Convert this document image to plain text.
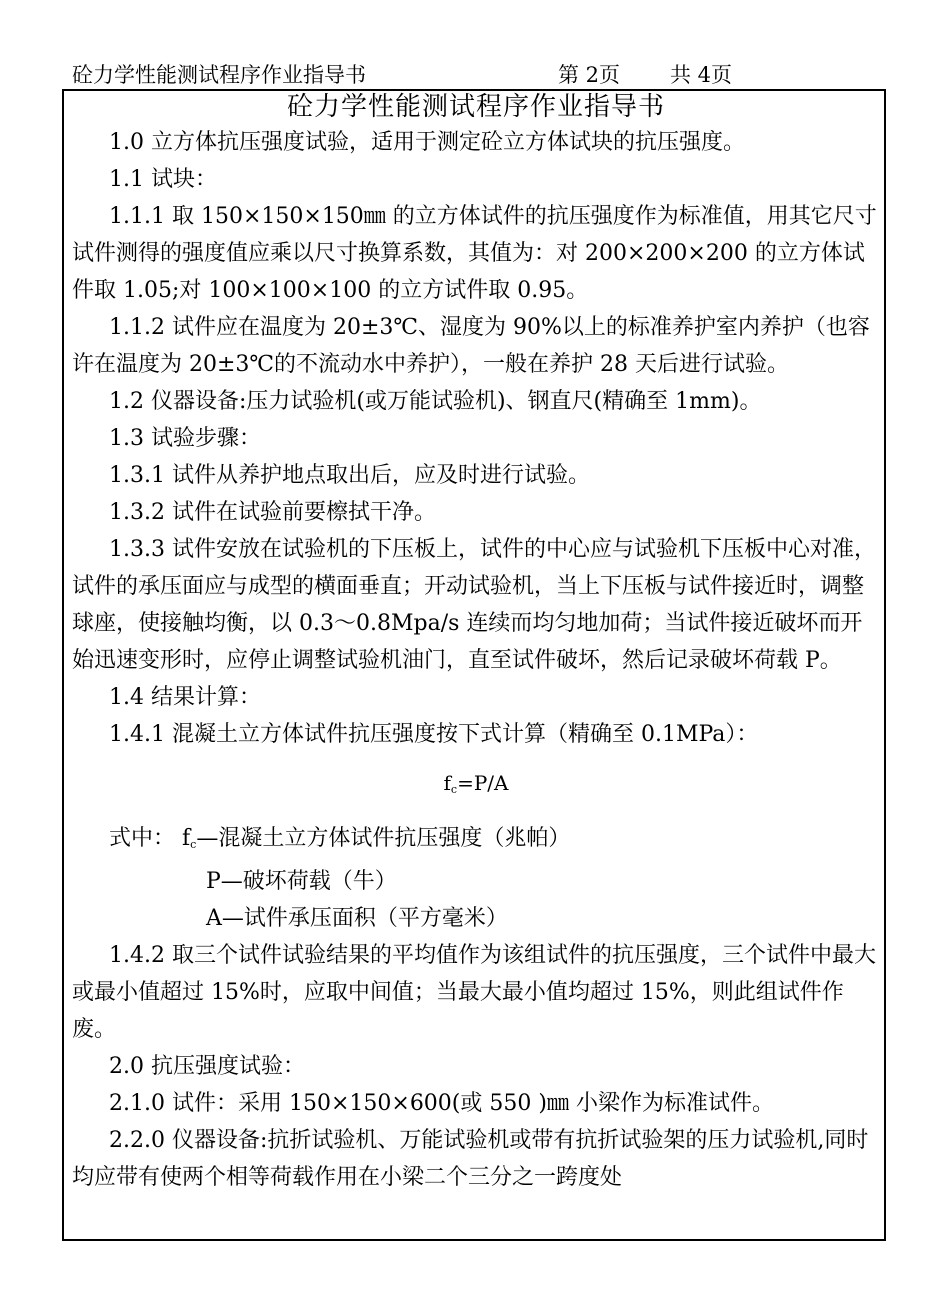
砼力学性能测试程序作业指导书	第 2页 共 4页
砼力学性能测试程序作业指导书

1.0 立方体抗压强度试验，适用于测定砼立方体试块的抗压强度。

1.1 试块：

1.1.1 取 150×150×150㎜ 的立方体试件的抗压强度作为标准值，用其它尺寸试件测得的强度值应乘以尺寸换算系数，其值为：对 200×200×200 的立方体试件取 1.05;对 100×100×100 的立方试件取 0.95。

1.1.2 试件应在温度为 20±3℃、湿度为 90%以上的标准养护室内养护（也容许在温度为 20±3℃的不流动水中养护），一般在养护 28 天后进行试验。

1.2 仪器设备:压力试验机(或万能试验机)、钢直尺(精确至 1mm)。

1.3 试验步骤：

1.3.1 试件从养护地点取出后，应及时进行试验。

1.3.2 试件在试验前要檫拭干净。

1.3.3 试件安放在试验机的下压板上，试件的中心应与试验机下压板中心对准，试件的承压面应与成型的横面垂直；开动试验机，当上下压板与试件接近时，调整球座，使接触均衡，以 0.3～0.8Mpa/s 连续而均匀地加荷；当试件接近破坏而开始迅速变形时，应停止调整试验机油门，直至试件破坏，然后记录破坏荷载 P。

1.4 结果计算：

1.4.1 混凝土立方体试件抗压强度按下式计算（精确至 0.1MPa）：

$f_c=P/A$

式中： $f_c—$混凝土立方体试件抗压强度（兆帕）
P—破坏荷载（牛）
A—试件承压面积（平方毫米）

1.4.2 取三个试件试验结果的平均值作为该组试件的抗压强度，三个试件中最大或最小值超过 15%时，应取中间值；当最大最小值均超过 15%，则此组试件作废。

2.0 抗压强度试验：

2.1.0 试件：采用 150×150×600(或 550 )㎜ 小梁作为标准试件。

2.2.0 仪器设备:抗折试验机、万能试验机或带有抗折试验架的压力试验机,同时均应带有使两个相等荷载作用在小梁二个三分之一跨度处
